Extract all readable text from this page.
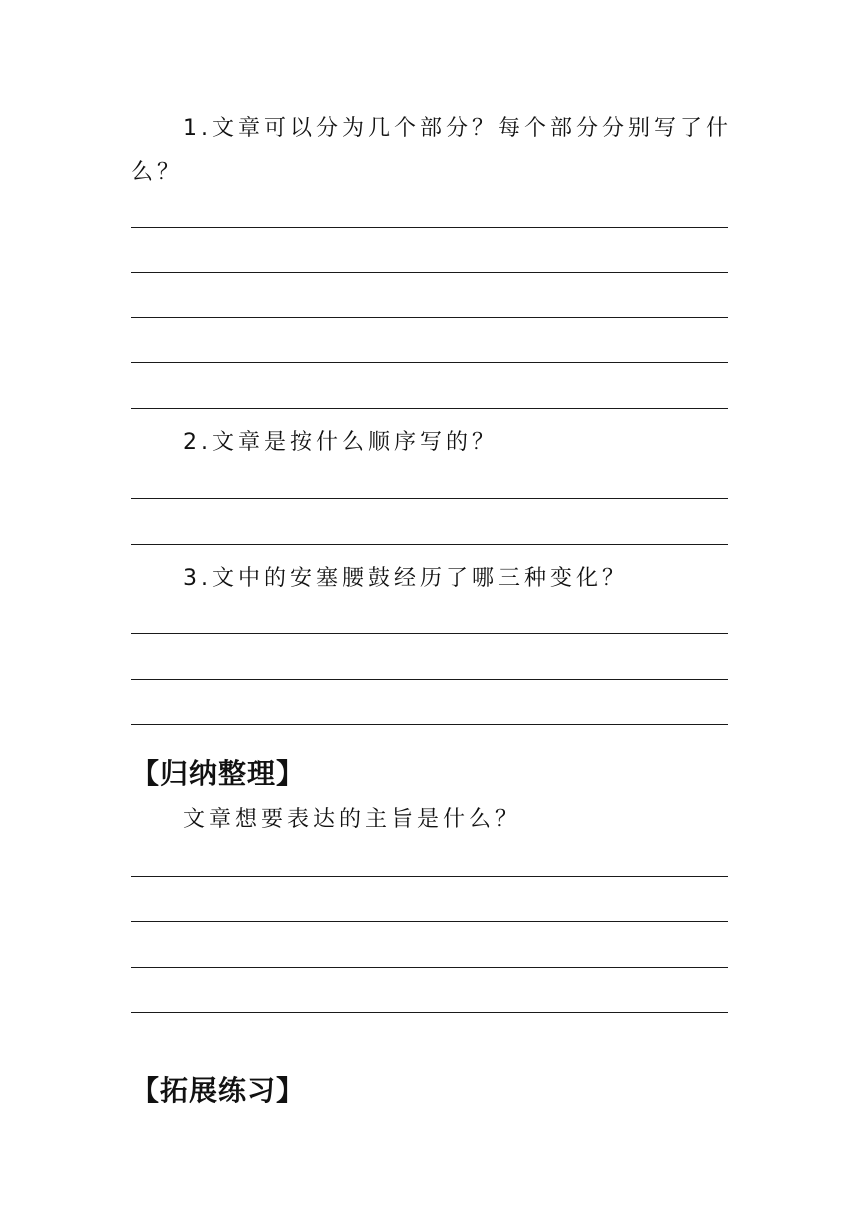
1.文章可以分为几个部分？每个部分分别写了什
么？
2.文章是按什么顺序写的？
3.文中的安塞腰鼓经历了哪三种变化？
【归纳整理】
文章想要表达的主旨是什么？
【拓展练习】
